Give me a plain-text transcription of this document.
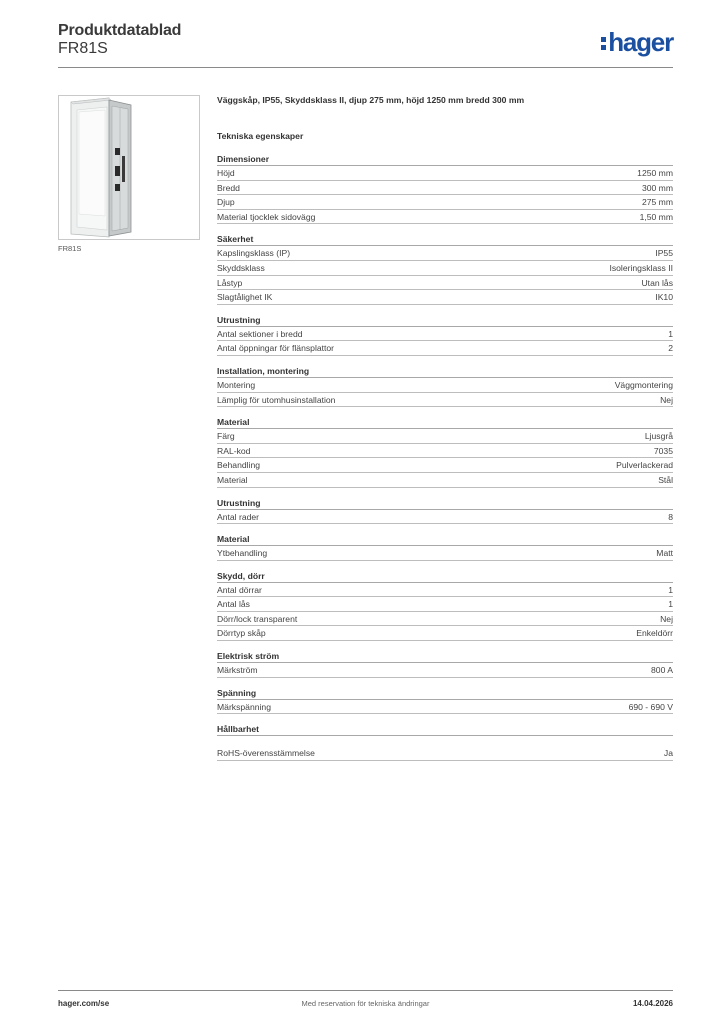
Produktdatablad
FR81S	hager
FR81S
Väggskåp, IP55, Skyddsklass II, djup 275 mm, höjd 1250 mm bredd 300 mm
Tekniska egenskaper
Dimensioner
Höjd	1250 mm
Bredd	300 mm
Djup	275 mm
Material tjocklek sidovägg	1,50 mm
Säkerhet
Kapslingsklass (IP)	IP55
Skyddsklass	Isoleringsklass II
Låstyp	Utan lås
Slagtålighet IK	IK10
Utrustning
Antal sektioner i bredd	1
Antal öppningar för flänsplattor	2
Installation, montering
Montering	Väggmontering
Lämplig för utomhusinstallation	Nej
Material
Färg	Ljusgrå
RAL-kod	7035
Behandling	Pulverlackerad
Material	Stål
Utrustning
Antal rader	8
Material
Ytbehandling	Matt
Skydd, dörr
Antal dörrar	1
Antal lås	1
Dörr/lock transparent	Nej
Dörrtyp skåp	Enkeldörr
Elektrisk ström
Märkström	800 A
Spänning
Märkspänning	690 - 690 V
Hållbarhet
RoHS-överensstämmelse	Ja
hager.com/se	Med reservation för tekniska ändringar	14.04.2026
